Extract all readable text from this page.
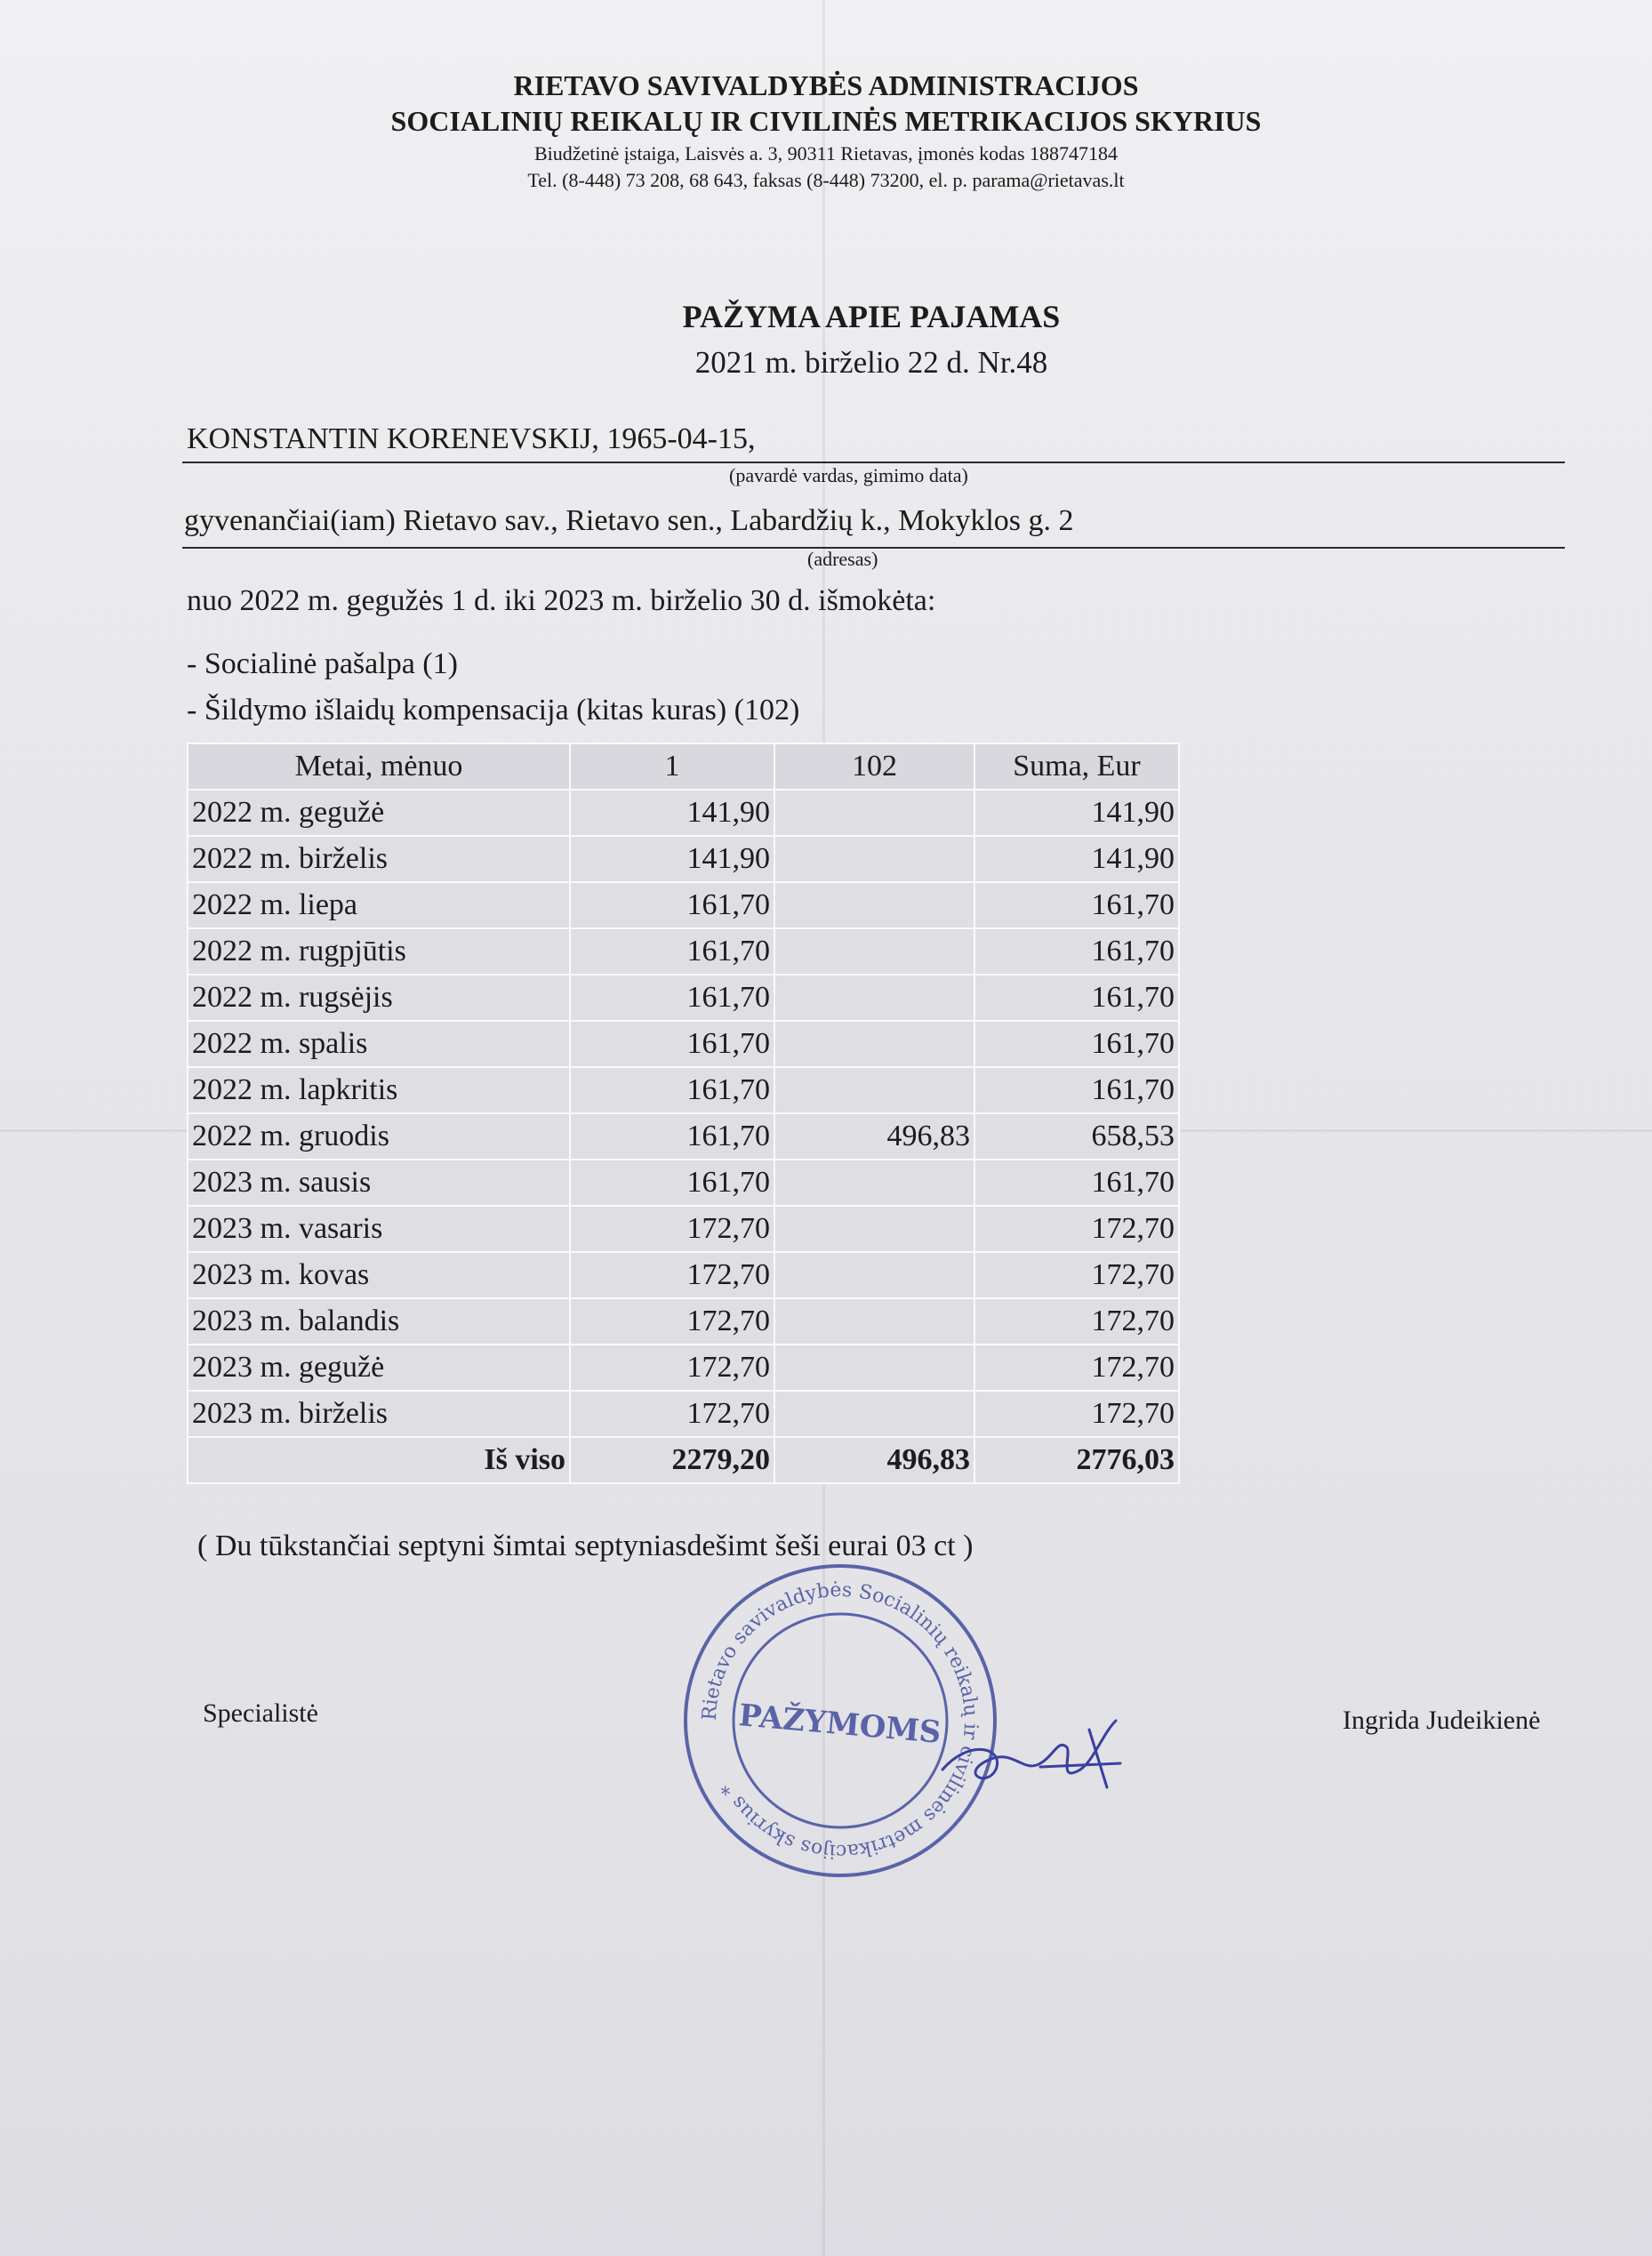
RIETAVO SAVIVALDYBĖS ADMINISTRACIJOS
SOCIALINIŲ REIKALŲ IR CIVILINĖS METRIKACIJOS SKYRIUS
Biudžetinė įstaiga, Laisvės a. 3, 90311 Rietavas, įmonės kodas 188747184
Tel. (8-448) 73 208, 68 643, faksas (8-448) 73200, el. p. parama@rietavas.lt
PAŽYMA APIE PAJAMAS
2021 m. birželio 22 d. Nr.48
KONSTANTIN KORENEVSKIJ, 1965-04-15,
(pavardė vardas, gimimo data)
gyvenančiai(iam) Rietavo sav., Rietavo sen., Labardžių k., Mokyklos g. 2
(adresas)
nuo 2022 m. gegužės 1 d. iki 2023 m. birželio 30 d. išmokėta:
- Socialinė pašalpa (1)
- Šildymo išlaidų kompensacija (kitas kuras) (102)
Metai, mėnuo	1	102	Suma, Eur
2022 m. gegužė	141,90		141,90
2022 m. birželis	141,90		141,90
2022 m. liepa	161,70		161,70
2022 m. rugpjūtis	161,70		161,70
2022 m. rugsėjis	161,70		161,70
2022 m. spalis	161,70		161,70
2022 m. lapkritis	161,70		161,70
2022 m. gruodis	161,70	496,83	658,53
2023 m. sausis	161,70		161,70
2023 m. vasaris	172,70		172,70
2023 m. kovas	172,70		172,70
2023 m. balandis	172,70		172,70
2023 m. gegužė	172,70		172,70
2023 m. birželis	172,70		172,70
Iš viso	2279,20	496,83	2776,03
( Du tūkstančiai septyni šimtai septyniasdešimt šeši eurai 03 ct )
Specialistė	Ingrida Judeikienė
Rietavo savivaldybės Socialinių reikalų ir civilinės metrikacijos skyrius *
PAŽYMOMS
